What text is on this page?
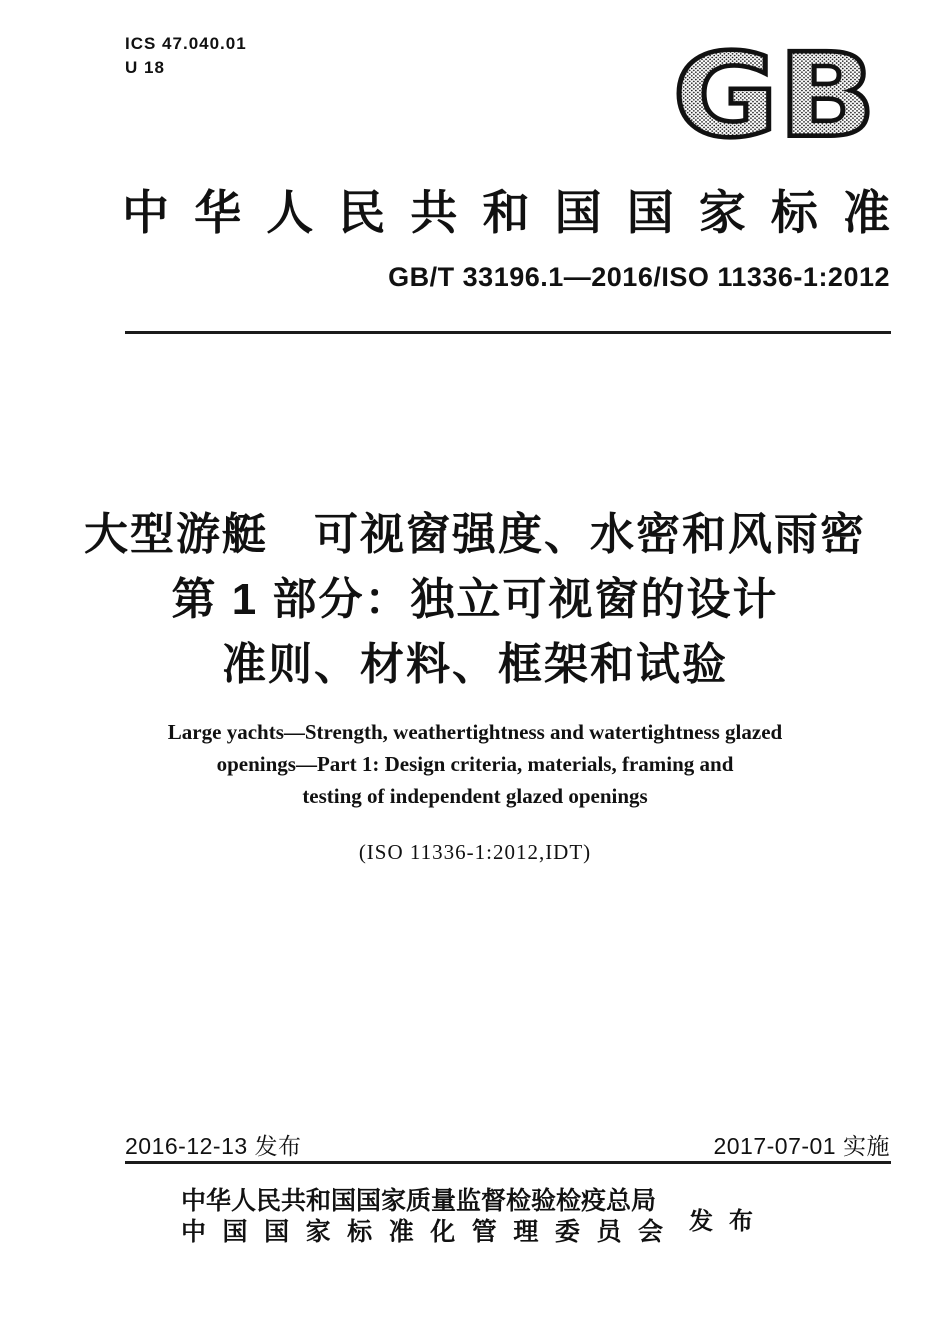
ICS 47.040.01
U 18	GB
中华人民共和国国家标准
GB/T 33196.1—2016/ISO 11336-1:2012
大型游艇　可视窗强度、水密和风雨密
第 1 部分：独立可视窗的设计
准则、材料、框架和试验
Large yachts—Strength, weathertightness and watertightness glazed
openings—Part 1: Design criteria, materials, framing and
testing of independent glazed openings
(ISO 11336-1:2012,IDT)
2016-12-13 发布	2017-07-01 实施
中华人民共和国国家质量监督检验检疫总局
中国国家标准化管理委员会 发布
